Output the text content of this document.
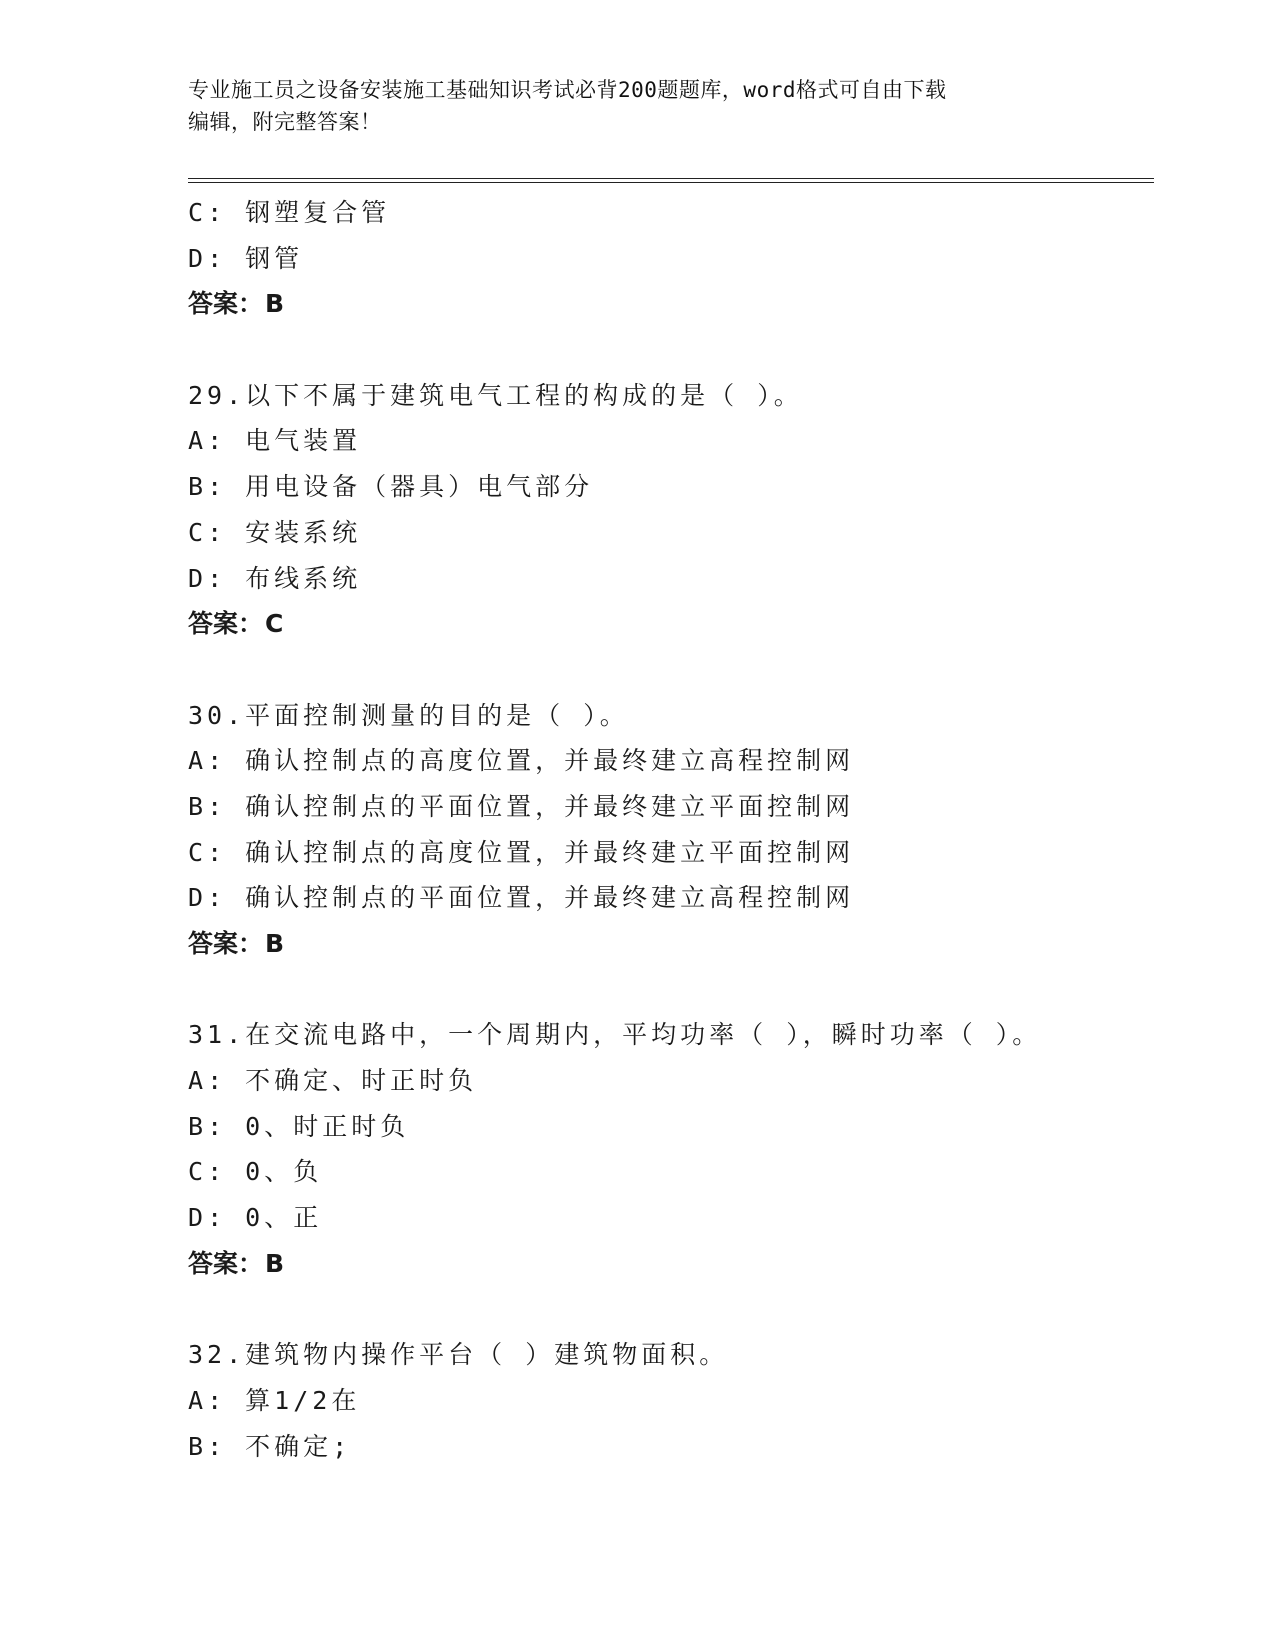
专业施工员之设备安装施工基础知识考试必背200题题库，word格式可自由下载
编辑，附完整答案！
C: 钢塑复合管
D: 钢管
答案：B
29.以下不属于建筑电气工程的构成的是（ ）。
A: 电气装置
B: 用电设备（器具）电气部分
C: 安装系统
D: 布线系统
答案：C
30.平面控制测量的目的是（ ）。
A: 确认控制点的高度位置，并最终建立高程控制网
B: 确认控制点的平面位置，并最终建立平面控制网
C: 确认控制点的高度位置，并最终建立平面控制网
D: 确认控制点的平面位置，并最终建立高程控制网
答案：B
31.在交流电路中，一个周期内，平均功率（ ），瞬时功率（ ）。
A: 不确定、时正时负
B: 0、时正时负
C: 0、负
D: 0、正
答案：B
32.建筑物内操作平台（ ）建筑物面积。
A: 算1/2在
B: 不确定;
